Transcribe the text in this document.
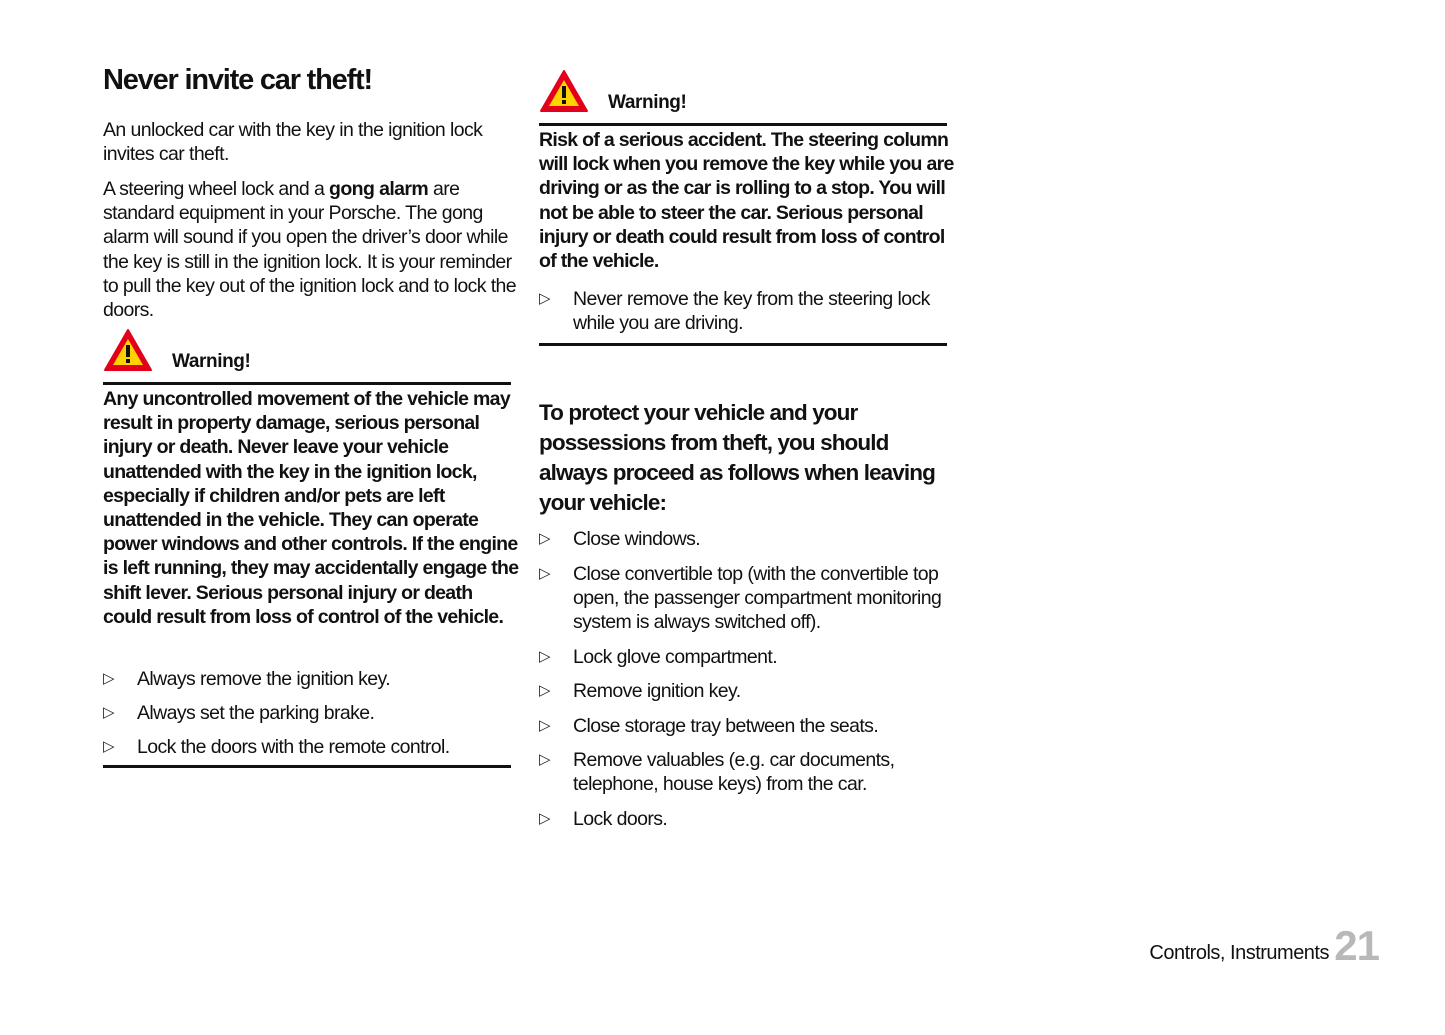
Never invite car theft!
An unlocked car with the key in the ignition lock invites car theft.
A steering wheel lock and a gong alarm are standard equipment in your Porsche. The gong alarm will sound if you open the driver’s door while the key is still in the ignition lock. It is your reminder to pull the key out of the ignition lock and to lock the doors.
Warning!
Any uncontrolled movement of the vehicle may result in property damage, serious personal injury or death. Never leave your vehicle unattended with the key in the ignition lock, especially if children and/or pets are left unattended in the vehicle. They can operate power windows and other controls. If the engine is left running, they may accidentally engage the shift lever. Serious personal injury or death could result from loss of control of the vehicle.
▷ Always remove the ignition key.
▷ Always set the parking brake.
▷ Lock the doors with the remote control.
Warning!
Risk of a serious accident. The steering column will lock when you remove the key while you are driving or as the car is rolling to a stop. You will not be able to steer the car. Serious personal injury or death could result from loss of control of the vehicle.
▷ Never remove the key from the steering lock while you are driving.
To protect your vehicle and your possessions from theft, you should always proceed as follows when leaving your vehicle:
▷ Close windows.
▷ Close convertible top (with the convertible top open, the passenger compartment monitoring system is always switched off).
▷ Lock glove compartment.
▷ Remove ignition key.
▷ Close storage tray between the seats.
▷ Remove valuables (e.g. car documents, telephone, house keys) from the car.
▷ Lock doors.
Controls, Instruments 21
